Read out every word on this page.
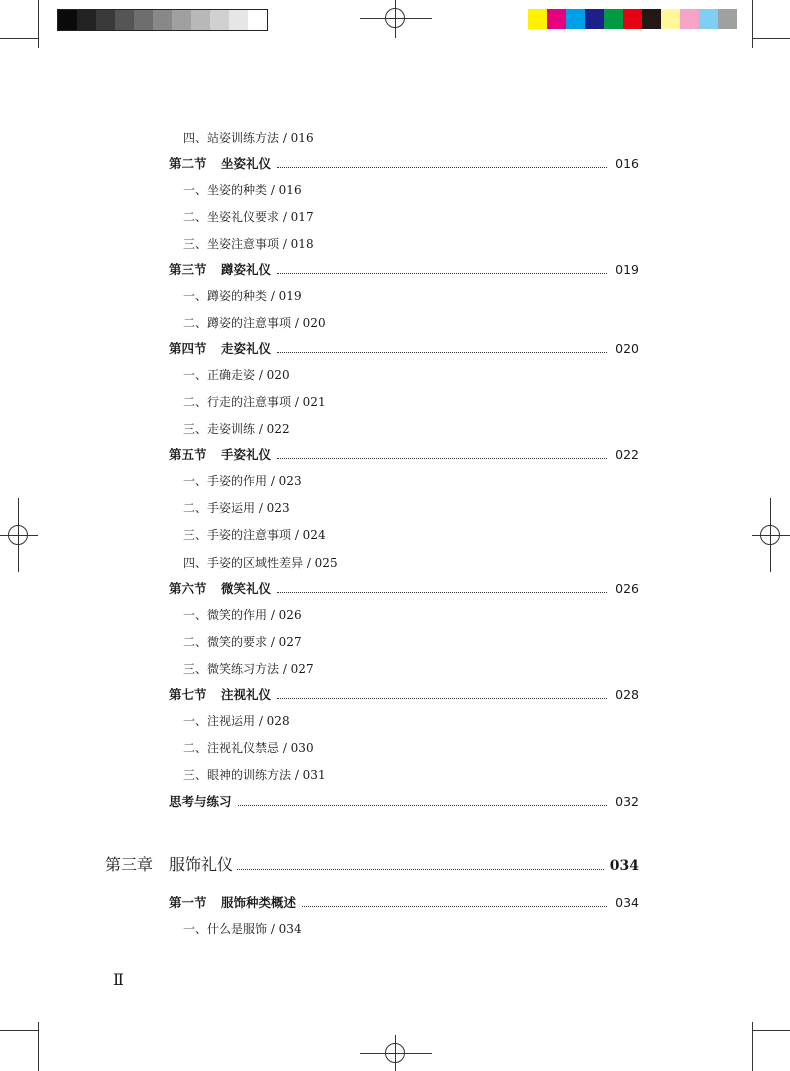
四、站姿训练方法 / 016
第二节	坐姿礼仪	016
一、坐姿的种类 / 016
二、坐姿礼仪要求 / 017
三、坐姿注意事项 / 018
第三节	蹲姿礼仪	019
一、蹲姿的种类 / 019
二、蹲姿的注意事项 / 020
第四节	走姿礼仪	020
一、正确走姿 / 020
二、行走的注意事项 / 021
三、走姿训练 / 022
第五节	手姿礼仪	022
一、手姿的作用 / 023
二、手姿运用 / 023
三、手姿的注意事项 / 024
四、手姿的区域性差异 / 025
第六节	微笑礼仪	026
一、微笑的作用 / 026
二、微笑的要求 / 027
三、微笑练习方法 / 027
第七节	注视礼仪	028
一、注视运用 / 028
二、注视礼仪禁忌 / 030
三、眼神的训练方法 / 031
思考与练习	032
第三章 服饰礼仪	034
第一节	服饰种类概述	034
一、什么是服饰 / 034
Ⅱ
